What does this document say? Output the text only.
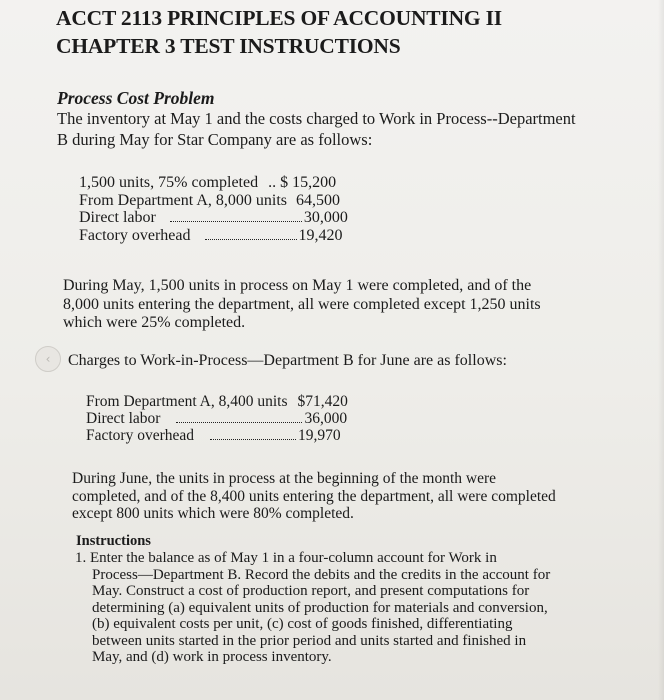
ACCT 2113 PRINCIPLES OF ACCOUNTING II
CHAPTER 3 TEST INSTRUCTIONS
Process Cost Problem
The inventory at May 1 and the costs charged to Work in Process--Department
B during May for Star Company are as follows:
1,500 units, 75% completed .. $ 15,200
From Department A, 8,000 units 64,500
Direct labor	30,000
Factory overhead	19,420
During May, 1,500 units in process on May 1 were completed, and of the
8,000 units entering the department, all were completed except 1,250 units
which were 25% completed.
‹	Charges to Work-in-Process—Department B for June are as follows:
From Department A, 8,400 units $71,420
Direct labor	36,000
Factory overhead	19,970
During June, the units in process at the beginning of the month were
completed, and of the 8,400 units entering the department, all were completed
except 800 units which were 80% completed.
Instructions
1. Enter the balance as of May 1 in a four-column account for Work in
Process—Department B. Record the debits and the credits in the account for
May. Construct a cost of production report, and present computations for
determining (a) equivalent units of production for materials and conversion,
(b) equivalent costs per unit, (c) cost of goods finished, differentiating
between units started in the prior period and units started and finished in
May, and (d) work in process inventory.
